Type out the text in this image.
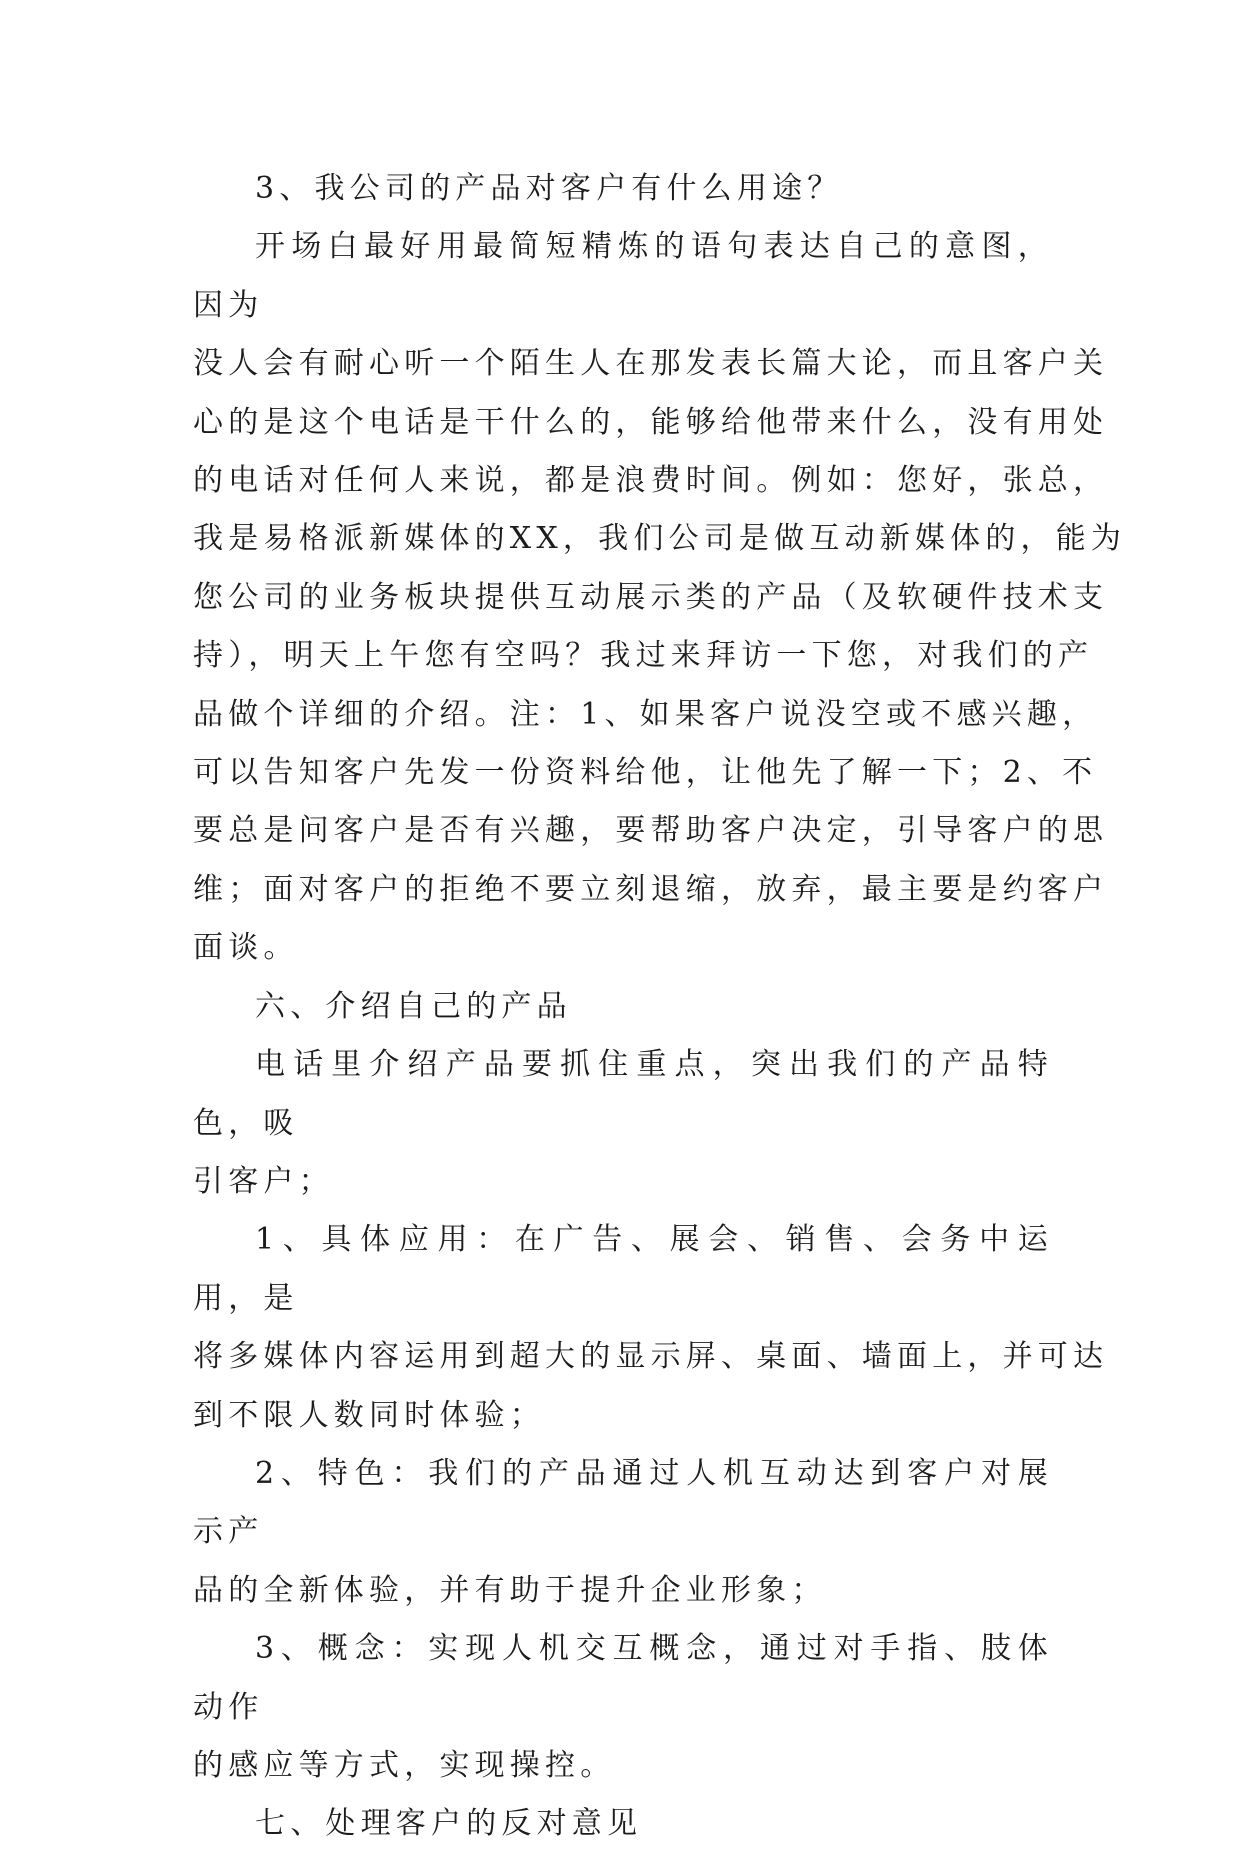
3、我公司的产品对客户有什么用途？

开场白最好用最简短精炼的语句表达自己的意图，因为

没人会有耐心听一个陌生人在那发表长篇大论，而且客户关

心的是这个电话是干什么的，能够给他带来什么，没有用处

的电话对任何人来说，都是浪费时间。例如：您好，张总，

我是易格派新媒体的XX，我们公司是做互动新媒体的，能为

您公司的业务板块提供互动展示类的产品（及软硬件技术支

持），明天上午您有空吗？我过来拜访一下您，对我们的产

品做个详细的介绍。注：1、如果客户说没空或不感兴趣，

可以告知客户先发一份资料给他，让他先了解一下；2、不

要总是问客户是否有兴趣，要帮助客户决定，引导客户的思

维；面对客户的拒绝不要立刻退缩，放弃，最主要是约客户

面谈。

六、介绍自己的产品

电话里介绍产品要抓住重点，突出我们的产品特色，吸

引客户；

1、具体应用：在广告、展会、销售、会务中运用，是

将多媒体内容运用到超大的显示屏、桌面、墙面上，并可达

到不限人数同时体验；

2、特色：我们的产品通过人机互动达到客户对展示产

品的全新体验，并有助于提升企业形象；

3、概念：实现人机交互概念，通过对手指、肢体动作

的感应等方式，实现操控。

七、处理客户的反对意见
